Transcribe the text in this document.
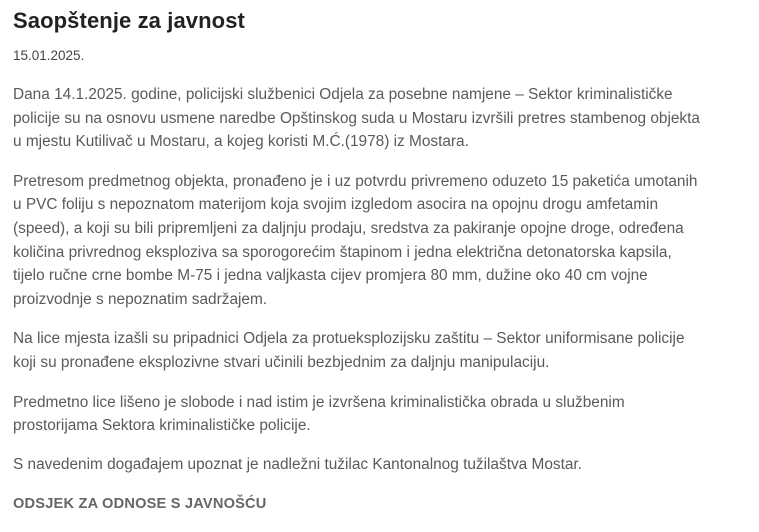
Saopštenje za javnost
15.01.2025.

Dana 14.1.2025. godine, policijski službenici Odjela za posebne namjene – Sektor kriminalističke
policije su na osnovu usmene naredbe Opštinskog suda u Mostaru izvršili pretres stambenog objekta
u mjestu Kutilivač u Mostaru, a kojeg koristi M.Ć.(1978) iz Mostara.

Pretresom predmetnog objekta, pronađeno je i uz potvrdu privremeno oduzeto 15 paketića umotanih
u PVC foliju s nepoznatom materijom koja svojim izgledom asocira na opojnu drogu amfetamin
(speed), a koji su bili pripremljeni za daljnju prodaju, sredstva za pakiranje opojne droge, određena
količina privrednog eksploziva sa sporogorećim štapinom i jedna električna detonatorska kapsila,
tijelo ručne crne bombe M-75 i jedna valjkasta cijev promjera 80 mm, dužine oko 40 cm vojne
proizvodnje s nepoznatim sadržajem.

Na lice mjesta izašli su pripadnici Odjela za protueksplozijsku zaštitu – Sektor uniformisane policije
koji su pronađene eksplozivne stvari učinili bezbjednim za daljnju manipulaciju.

Predmetno lice lišeno je slobode i nad istim je izvršena kriminalistička obrada u službenim
prostorijama Sektora kriminalističke policije.

S navedenim događajem upoznat je nadležni tužilac Kantonalnog tužilaštva Mostar.

ODSJEK ZA ODNOSE S JAVNOŠĆU
